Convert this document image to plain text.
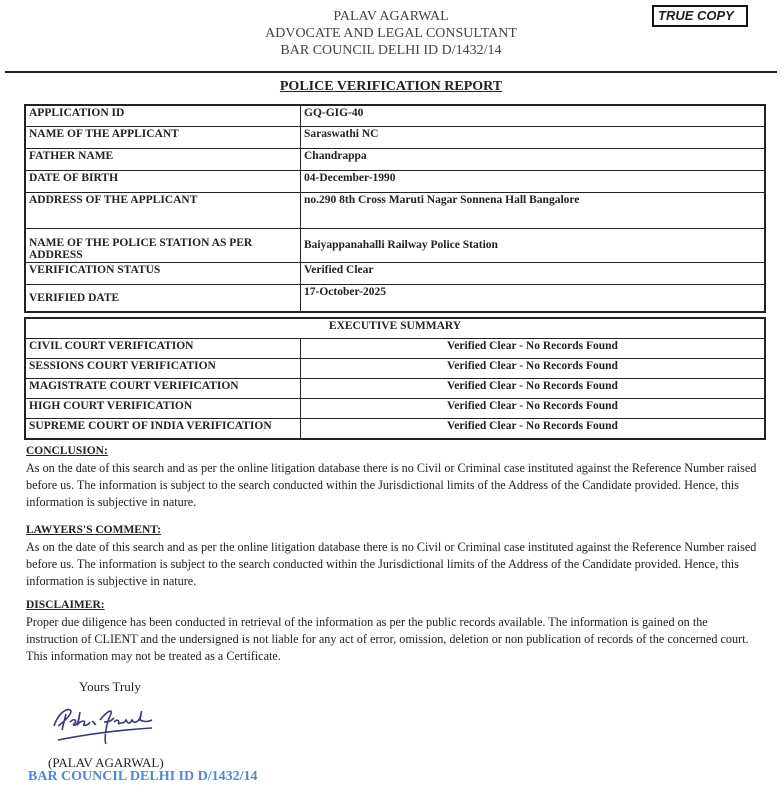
PALAV AGARWAL
ADVOCATE AND LEGAL CONSULTANT
BAR COUNCIL DELHI ID D/1432/14
TRUE COPY
POLICE VERIFICATION REPORT
APPLICATION ID	GQ-GIG-40
NAME OF THE APPLICANT	Saraswathi NC
FATHER NAME	Chandrappa
DATE OF BIRTH	04-December-1990
ADDRESS OF THE APPLICANT	no.290 8th Cross Maruti Nagar Sonnena Hall Bangalore
NAME OF THE POLICE STATION AS PER ADDRESS	Baiyappanahalli Railway Police Station
VERIFICATION STATUS	Verified Clear
VERIFIED DATE	17-October-2025
EXECUTIVE SUMMARY	
CIVIL COURT VERIFICATION	Verified Clear - No Records Found
SESSIONS COURT VERIFICATION	Verified Clear - No Records Found
MAGISTRATE COURT VERIFICATION	Verified Clear - No Records Found
HIGH COURT VERIFICATION	Verified Clear - No Records Found
SUPREME COURT OF INDIA VERIFICATION	Verified Clear - No Records Found
CONCLUSION:

As on the date of this search and as per the online litigation database there is no Civil or Criminal case instituted against the Reference Number raised before us. The information is subject to the search conducted within the Jurisdictional limits of the Address of the Candidate provided. Hence, this information is subjective in nature.

LAWYERS'S COMMENT:

As on the date of this search and as per the online litigation database there is no Civil or Criminal case instituted against the Reference Number raised before us. The information is subject to the search conducted within the Jurisdictional limits of the Address of the Candidate provided. Hence, this information is subjective in nature.

DISCLAIMER:

Proper due diligence has been conducted in retrieval of the information as per the public records available. The information is gained on the instruction of CLIENT and the undersigned is not liable for any act of error, omission, deletion or non publication of records of the concerned court. This information may not be treated as a Certificate.

Yours Truly
(PALAV AGARWAL)
BAR COUNCIL DELHI ID D/1432/14
